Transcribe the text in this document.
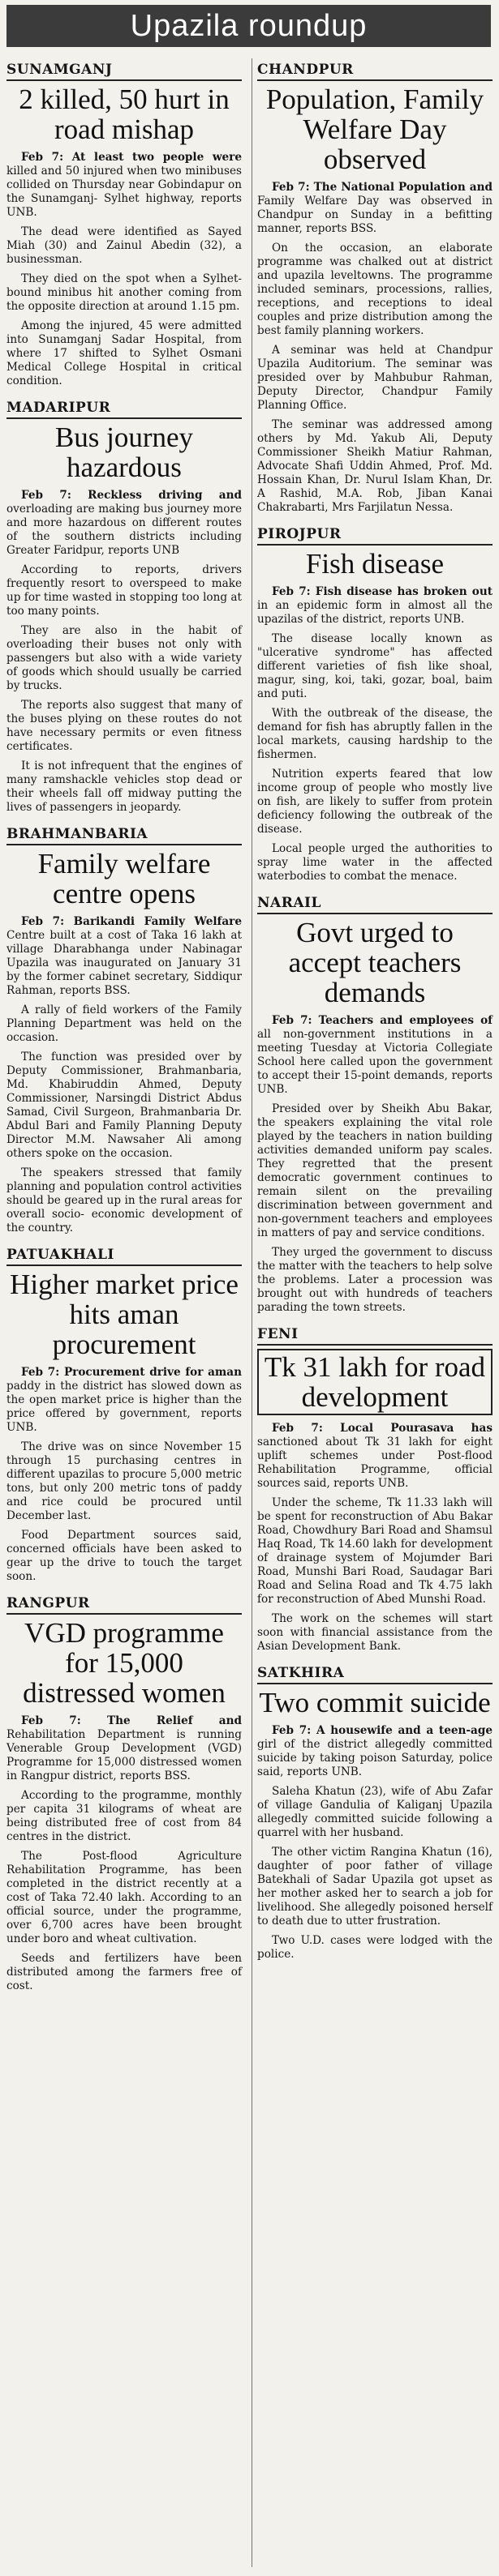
Upazila roundup
SUNAMGANJ
2 killed, 50 hurt in road mishap

Feb 7: At least two people were killed and 50 injured when two minibuses collided on Thursday near Gobindapur on the Sunamganj- Sylhet highway, reports UNB.

The dead were identified as Sayed Miah (30) and Zainul Abedin (32), a businessman.

They died on the spot when a Sylhet-bound minibus hit another coming from the opposite direction at around 1.15 pm.

Among the injured, 45 were admitted into Sunamganj Sadar Hospital, from where 17 shifted to Sylhet Osmani Medical College Hospital in critical condition.

MADARIPUR
Bus journey hazardous

Feb 7: Reckless driving and overloading are making bus journey more and more hazardous on different routes of the southern districts including Greater Faridpur, reports UNB

According to reports, drivers frequently resort to overspeed to make up for time wasted in stopping too long at too many points.

They are also in the habit of overloading their buses not only with passengers but also with a wide variety of goods which should usually be carried by trucks.

The reports also suggest that many of the buses plying on these routes do not have necessary permits or even fitness certificates.

It is not infrequent that the engines of many ramshackle vehicles stop dead or their wheels fall off midway putting the lives of passengers in jeopardy.

BRAHMANBARIA
Family welfare centre opens

Feb 7: Barikandi Family Welfare Centre built at a cost of Taka 16 lakh at village Dharabhanga under Nabinagar Upazila was inaugurated on January 31 by the former cabinet secretary, Siddiqur Rahman, reports BSS.

A rally of field workers of the Family Planning Department was held on the occasion.

The function was presided over by Deputy Commissioner, Brahmanbaria, Md. Khabiruddin Ahmed, Deputy Commissioner, Narsingdi District Abdus Samad, Civil Surgeon, Brahmanbaria Dr. Abdul Bari and Family Planning Deputy Director M.M. Nawsaher Ali among others spoke on the occasion.

The speakers stressed that family planning and population control activities should be geared up in the rural areas for overall socio- economic development of the country.

PATUAKHALI
Higher market price hits aman procurement

Feb 7: Procurement drive for aman paddy in the district has slowed down as the open market price is higher than the price offered by government, reports UNB.

The drive was on since November 15 through 15 purchasing centres in different upazilas to procure 5,000 metric tons, but only 200 metric tons of paddy and rice could be procured until December last.

Food Department sources said, concerned officials have been asked to gear up the drive to touch the target soon.

RANGPUR
VGD programme for 15,000 distressed women

Feb 7: The Relief and Rehabilitation Department is running Venerable Group Development (VGD) Programme for 15,000 distressed women in Rangpur district, reports BSS.

According to the programme, monthly per capita 31 kilograms of wheat are being distributed free of cost from 84 centres in the district.

The Post-flood Agriculture Rehabilitation Programme, has been completed in the district recently at a cost of Taka 72.40 lakh. According to an official source, under the programme, over 6,700 acres have been brought under boro and wheat cultivation.

Seeds and fertilizers have been distributed among the farmers free of cost.

CHANDPUR
Population, Family Welfare Day observed

Feb 7: The National Population and Family Welfare Day was observed in Chandpur on Sunday in a befitting manner, reports BSS.

On the occasion, an elaborate programme was chalked out at district and upazila leveltowns. The programme included seminars, processions, rallies, receptions, and receptions to ideal couples and prize distribution among the best family planning workers.

A seminar was held at Chandpur Upazila Auditorium. The seminar was presided over by Mahbubur Rahman, Deputy Director, Chandpur Family Planning Office.

The seminar was addressed among others by Md. Yakub Ali, Deputy Commissioner Sheikh Matiur Rahman, Advocate Shafi Uddin Ahmed, Prof. Md. Hossain Khan, Dr. Nurul Islam Khan, Dr. A Rashid, M.A. Rob, Jiban Kanai Chakrabarti, Mrs Farjilatun Nessa.

PIROJPUR
Fish disease

Feb 7: Fish disease has broken out in an epidemic form in almost all the upazilas of the district, reports UNB.

The disease locally known as "ulcerative syndrome" has affected different varieties of fish like shoal, magur, sing, koi, taki, gozar, boal, baim and puti.

With the outbreak of the disease, the demand for fish has abruptly fallen in the local markets, causing hardship to the fishermen.

Nutrition experts feared that low income group of people who mostly live on fish, are likely to suffer from protein deficiency following the outbreak of the disease.

Local people urged the authorities to spray lime water in the affected waterbodies to combat the menace.

NARAIL
Govt urged to accept teachers demands

Feb 7: Teachers and employees of all non-government institutions in a meeting Tuesday at Victoria Collegiate School here called upon the government to accept their 15-point demands, reports UNB.

Presided over by Sheikh Abu Bakar, the speakers explaining the vital role played by the teachers in nation building activities demanded uniform pay scales. They regretted that the present democratic government continues to remain silent on the prevailing discrimination between government and non-government teachers and employees in matters of pay and service conditions.

They urged the government to discuss the matter with the teachers to help solve the problems. Later a procession was brought out with hundreds of teachers parading the town streets.

FENI
Tk 31 lakh for road development

Feb 7: Local Pourasava has sanctioned about Tk 31 lakh for eight uplift schemes under Post-flood Rehabilitation Programme, official sources said, reports UNB.

Under the scheme, Tk 11.33 lakh will be spent for reconstruction of Abu Bakar Road, Chowdhury Bari Road and Shamsul Haq Road, Tk 14.60 lakh for development of drainage system of Mojumder Bari Road, Munshi Bari Road, Saudagar Bari Road and Selina Road and Tk 4.75 lakh for reconstruction of Abed Munshi Road.

The work on the schemes will start soon with financial assistance from the Asian Development Bank.

SATKHIRA
Two commit suicide

Feb 7: A housewife and a teen-age girl of the district allegedly committed suicide by taking poison Saturday, police said, reports UNB.

Saleha Khatun (23), wife of Abu Zafar of village Gandulia of Kaliganj Upazila allegedly committed suicide following a quarrel with her husband.

The other victim Rangina Khatun (16), daughter of poor father of village Batekhali of Sadar Upazila got upset as her mother asked her to search a job for livelihood. She allegedly poisoned herself to death due to utter frustration.

Two U.D. cases were lodged with the police.
